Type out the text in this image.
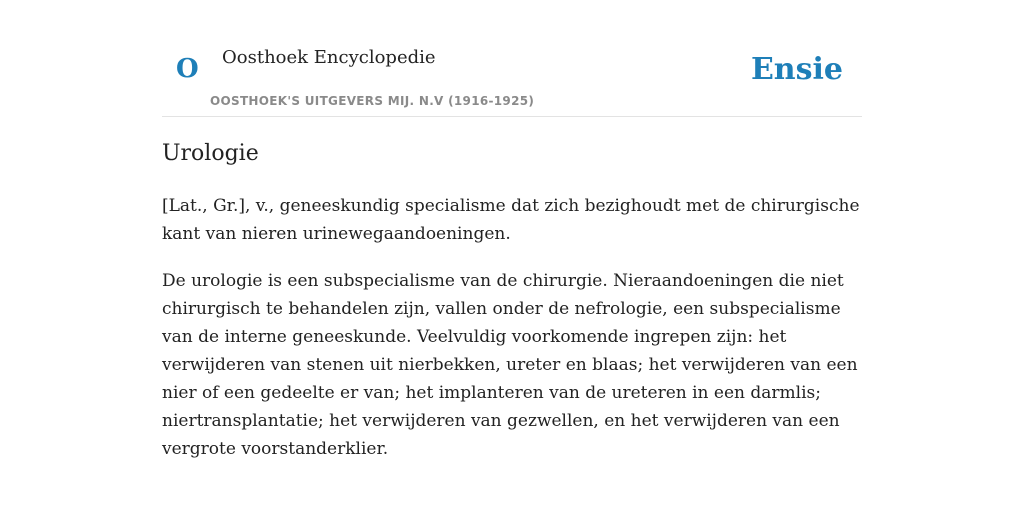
O Oosthoek Encyclopedie
OOSTHOEK'S UITGEVERS MIJ. N.V (1916-1925)
Ensie
Urologie

[Lat., Gr.], v., geneeskundig specialisme dat zich bezighoudt met de chirurgische kant van nieren urinewegaandoeningen.

De urologie is een subspecialisme van de chirurgie. Nieraandoeningen die niet chirurgisch te behandelen zijn, vallen onder de nefrologie, een subspecialisme van de interne geneeskunde. Veelvuldig voorkomende ingrepen zijn: het verwijderen van stenen uit nierbekken, ureter en blaas; het verwijderen van een nier of een gedeelte er van; het implanteren van de ureteren in een darmlis; niertransplantatie; het verwijderen van gezwellen, en het verwijderen van een vergrote voorstanderklier.
